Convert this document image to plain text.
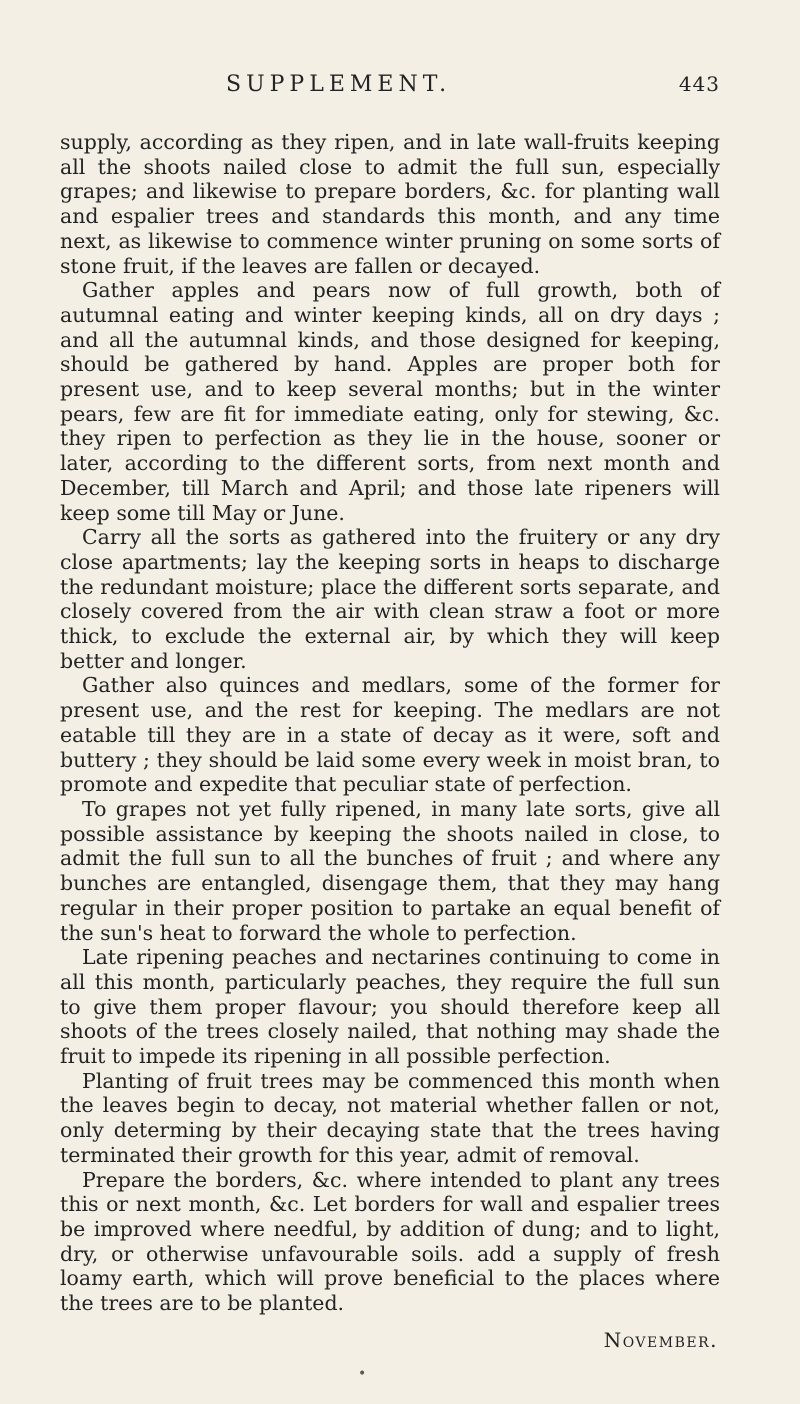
SUPPLEMENT.	443

supply, according as they ripen, and in late wall-fruits keeping all the shoots nailed close to admit the full sun, especially grapes; and likewise to prepare borders, &c. for planting wall and espalier trees and standards this month, and any time next, as likewise to commence winter pruning on some sorts of stone fruit, if the leaves are fallen or decayed.

Gather apples and pears now of full growth, both of autumnal eating and winter keeping kinds, all on dry days ; and all the autumnal kinds, and those designed for keeping, should be gathered by hand. Apples are proper both for present use, and to keep several months; but in the winter pears, few are fit for immediate eating, only for stewing, &c. they ripen to perfection as they lie in the house, sooner or later, according to the different sorts, from next month and December, till March and April; and those late ripeners will keep some till May or June.

Carry all the sorts as gathered into the fruitery or any dry close apartments; lay the keeping sorts in heaps to discharge the redundant moisture; place the different sorts separate, and closely covered from the air with clean straw a foot or more thick, to exclude the external air, by which they will keep better and longer.

Gather also quinces and medlars, some of the former for present use, and the rest for keeping. The medlars are not eatable till they are in a state of decay as it were, soft and buttery ; they should be laid some every week in moist bran, to promote and expedite that peculiar state of perfection.

To grapes not yet fully ripened, in many late sorts, give all possible assistance by keeping the shoots nailed in close, to admit the full sun to all the bunches of fruit ; and where any bunches are entangled, disengage them, that they may hang regular in their proper position to partake an equal benefit of the sun's heat to forward the whole to perfection.

Late ripening peaches and nectarines continuing to come in all this month, particularly peaches, they require the full sun to give them proper flavour; you should therefore keep all shoots of the trees closely nailed, that nothing may shade the fruit to impede its ripening in all possible perfection.

Planting of fruit trees may be commenced this month when the leaves begin to decay, not material whether fallen or not, only determing by their decaying state that the trees having terminated their growth for this year, admit of removal.

Prepare the borders, &c. where intended to plant any trees this or next month, &c. Let borders for wall and espalier trees be improved where needful, by addition of dung; and to light, dry, or otherwise unfavourable soils. add a supply of fresh loamy earth, which will prove beneficial to the places where the trees are to be planted.

November.
•
